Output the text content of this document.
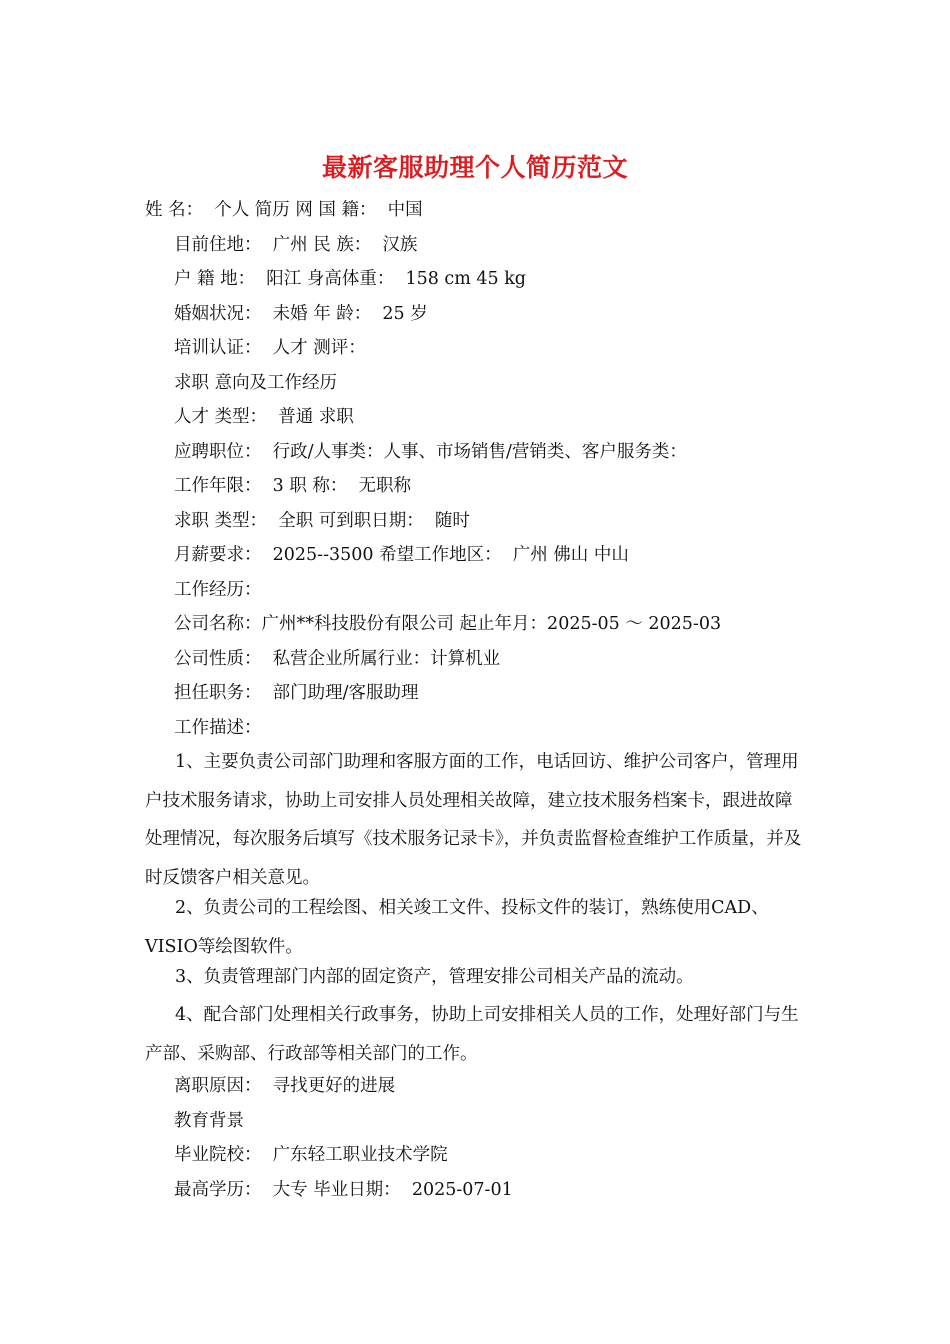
最新客服助理个人简历范文
姓 名：  个人 简历 网 国 籍：  中国
目前住地：  广州 民 族：  汉族
户 籍 地：  阳江 身高体重：  158 cm 45 kg
婚姻状况：  未婚 年 龄：  25 岁
培训认证：  人才 测评：
求职 意向及工作经历
人才 类型：  普通 求职
应聘职位：  行政/人事类：人事、市场销售/营销类、客户服务类：
工作年限：  3 职 称：  无职称
求职 类型：  全职 可到职日期：  随时
月薪要求：  2025--3500 希望工作地区：  广州 佛山 中山
工作经历：
公司名称：广州**科技股份有限公司 起止年月：2025-05 ～ 2025-03
公司性质：  私营企业所属行业：计算机业
担任职务：  部门助理/客服助理
工作描述：
1、主要负责公司部门助理和客服方面的工作，电话回访、维护公司客户，管理用户技术服务请求，协助上司安排人员处理相关故障，建立技术服务档案卡，跟进故障处理情况，每次服务后填写《技术服务记录卡》，并负责监督检查维护工作质量，并及时反馈客户相关意见。
2、负责公司的工程绘图、相关竣工文件、投标文件的装订，熟练使用CAD、VISIO等绘图软件。
3、负责管理部门内部的固定资产，管理安排公司相关产品的流动。
4、配合部门处理相关行政事务，协助上司安排相关人员的工作，处理好部门与生产部、采购部、行政部等相关部门的工作。
离职原因：  寻找更好的进展
教育背景
毕业院校：  广东轻工职业技术学院
最高学历：  大专 毕业日期：  2025-07-01
